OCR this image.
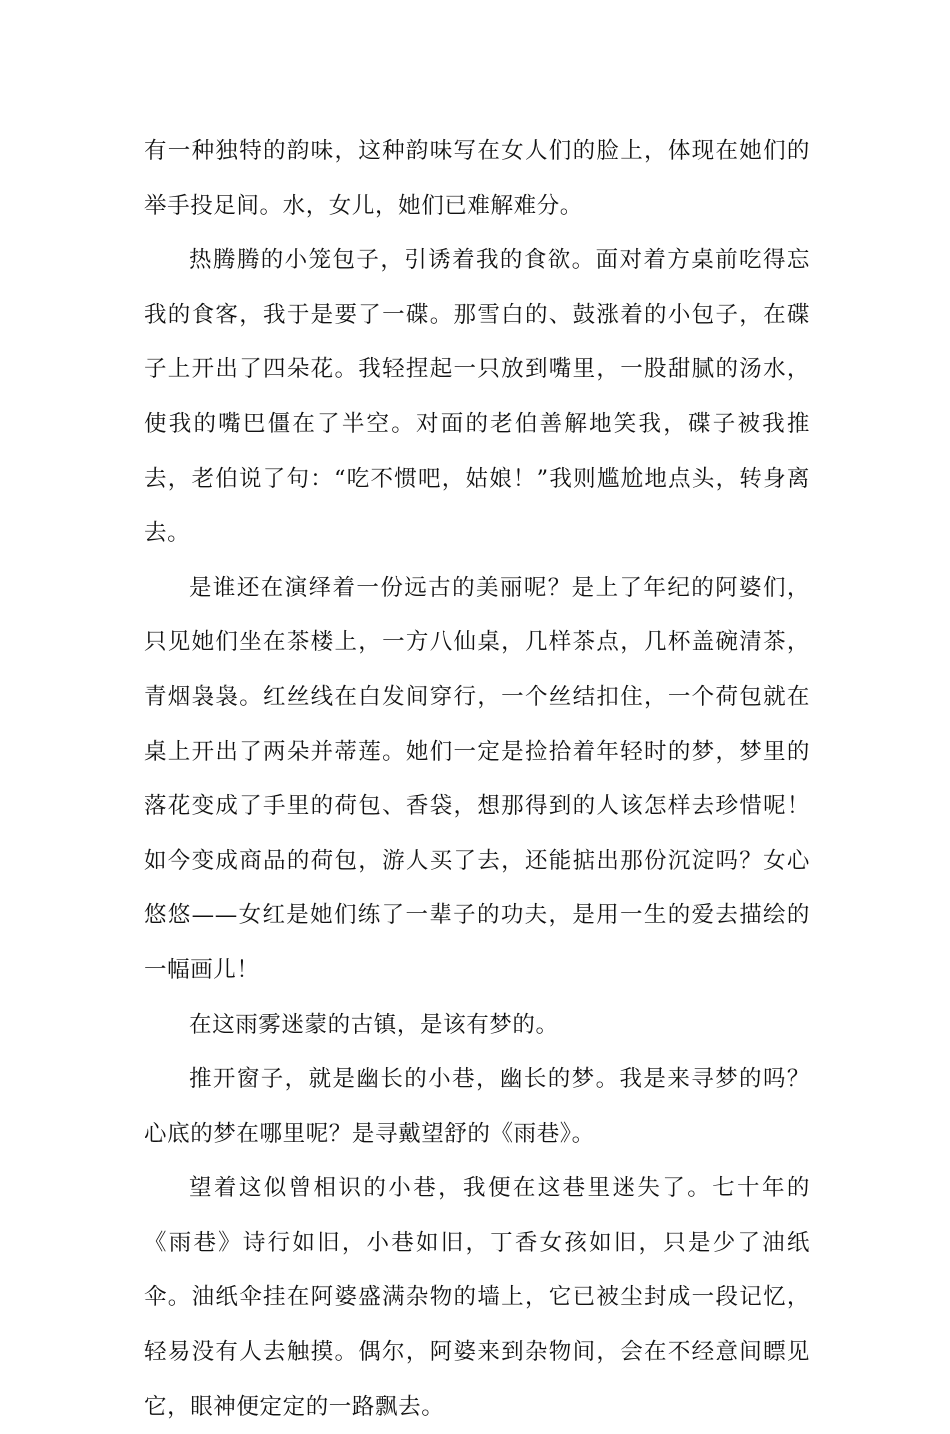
有一种独特的韵味，这种韵味写在女人们的脸上，体现在她们的举手投足间。水，女儿，她们已难解难分。

热腾腾的小笼包子，引诱着我的食欲。面对着方桌前吃得忘我的食客，我于是要了一碟。那雪白的、鼓涨着的小包子，在碟子上开出了四朵花。我轻捏起一只放到嘴里，一股甜腻的汤水，使我的嘴巴僵在了半空。对面的老伯善解地笑我，碟子被我推去，老伯说了句：“吃不惯吧，姑娘！”我则尴尬地点头，转身离去。

是谁还在演绎着一份远古的美丽呢？是上了年纪的阿婆们，只见她们坐在茶楼上，一方八仙桌，几样茶点，几杯盖碗清茶，青烟袅袅。红丝线在白发间穿行，一个丝结扣住，一个荷包就在桌上开出了两朵并蒂莲。她们一定是捡拾着年轻时的梦，梦里的落花变成了手里的荷包、香袋，想那得到的人该怎样去珍惜呢！如今变成商品的荷包，游人买了去，还能掂出那份沉淀吗？女心悠悠——女红是她们练了一辈子的功夫，是用一生的爱去描绘的一幅画儿！

在这雨雾迷蒙的古镇，是该有梦的。

推开窗子，就是幽长的小巷，幽长的梦。我是来寻梦的吗？心底的梦在哪里呢？是寻戴望舒的《雨巷》。

望着这似曾相识的小巷，我便在这巷里迷失了。七十年的《雨巷》诗行如旧，小巷如旧，丁香女孩如旧，只是少了油纸伞。油纸伞挂在阿婆盛满杂物的墙上，它已被尘封成一段记忆，轻易没有人去触摸。偶尔，阿婆来到杂物间，会在不经意间瞟见它，眼神便定定的一路飘去。
